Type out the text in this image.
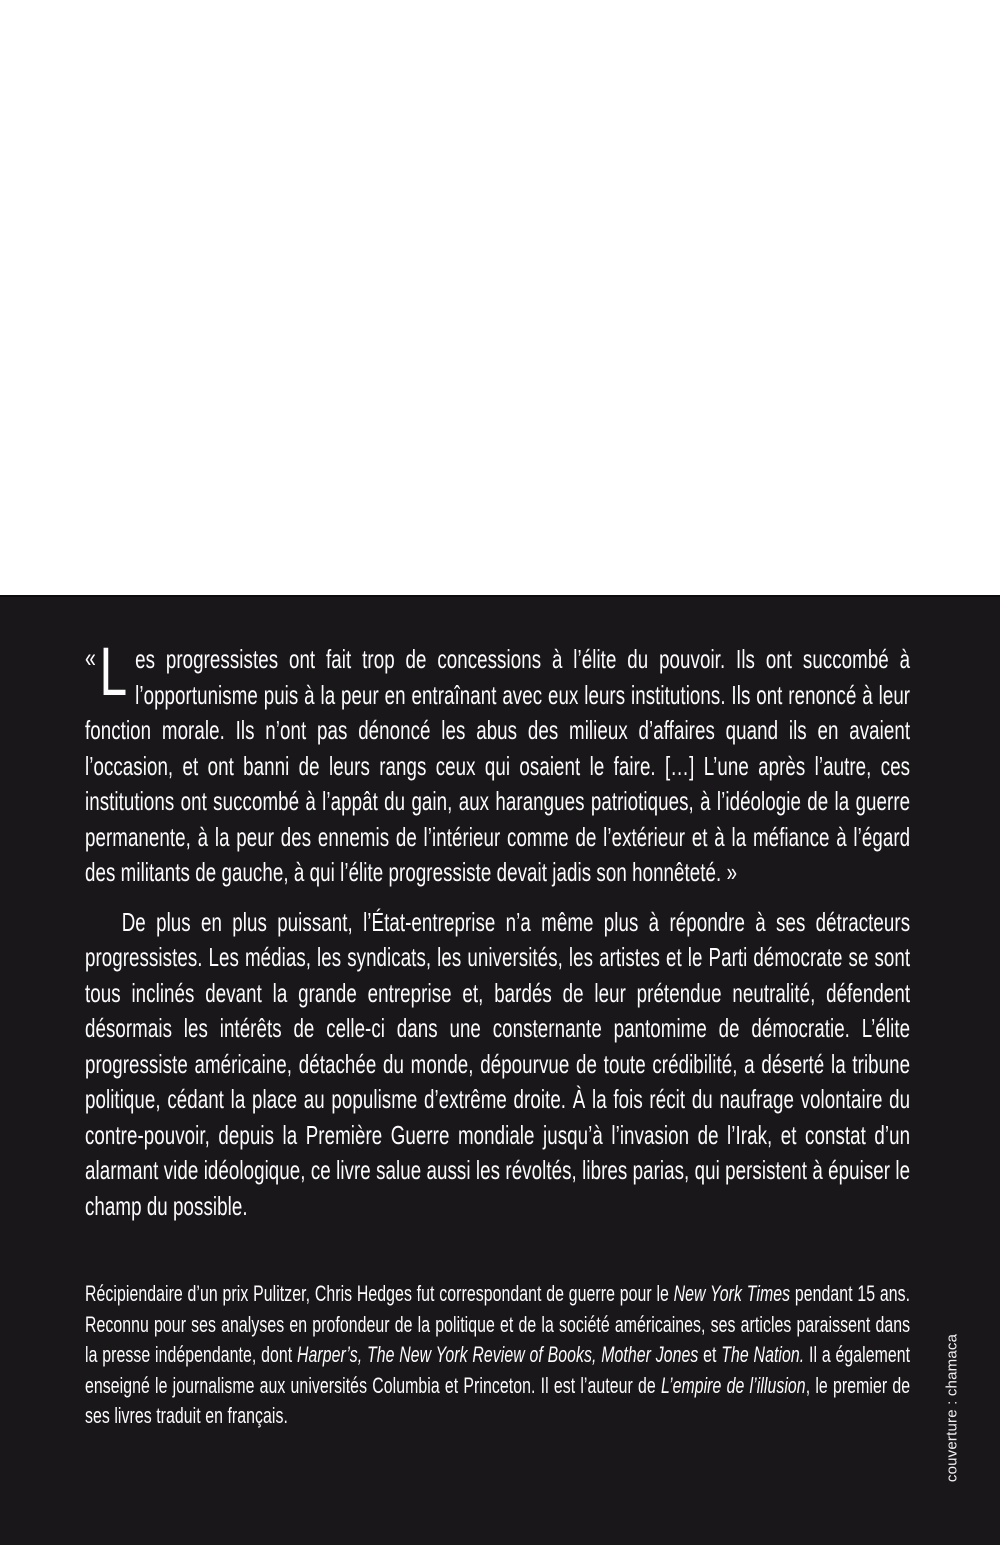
« L es progressistes ont fait trop de concessions à l’élite du pouvoir. Ils ont succombé à l’opportunisme puis à la peur en entraînant avec eux leurs institutions. Ils ont renoncé à leur fonction morale. Ils n’ont pas dénoncé les abus des milieux d’affaires quand ils en avaient l’occasion, et ont banni de leurs rangs ceux qui osaient le faire. […] L’une après l’autre, ces institutions ont succombé à l’appât du gain, aux harangues patriotiques, à l’idéologie de la guerre permanente, à la peur des ennemis de l’intérieur comme de l’extérieur et à la méfiance à l’égard des militants de gauche, à qui l’élite progressiste devait jadis son honnêteté. »

De plus en plus puissant, l’État-entreprise n’a même plus à répondre à ses détracteurs progressistes. Les médias, les syndicats, les universités, les artistes et le Parti démocrate se sont tous inclinés devant la grande entreprise et, bardés de leur prétendue neutralité, défendent désormais les intérêts de celle-ci dans une consternante pantomime de démocratie. L’élite progressiste américaine, détachée du monde, dépourvue de toute crédibilité, a déserté la tribune politique, cédant la place au populisme d’extrême droite. À la fois récit du naufrage volontaire du contre-pouvoir, depuis la Première Guerre mondiale jusqu’à l’invasion de l’Irak, et constat d’un alarmant vide idéologique, ce livre salue aussi les révoltés, libres parias, qui persistent à épuiser le champ du possible.

Récipiendaire d’un prix Pulitzer, Chris Hedges fut correspondant de guerre pour le New York Times pendant 15 ans. Reconnu pour ses analyses en profondeur de la politique et de la société américaines, ses articles paraissent dans la presse indépendante, dont Harper’s, The New York Review of Books, Mother Jones et The Nation. Il a également enseigné le journalisme aux universités Columbia et Princeton. Il est l’auteur de L’empire de l’illusion, le premier de ses livres traduit en français.	couverture : chamaca
